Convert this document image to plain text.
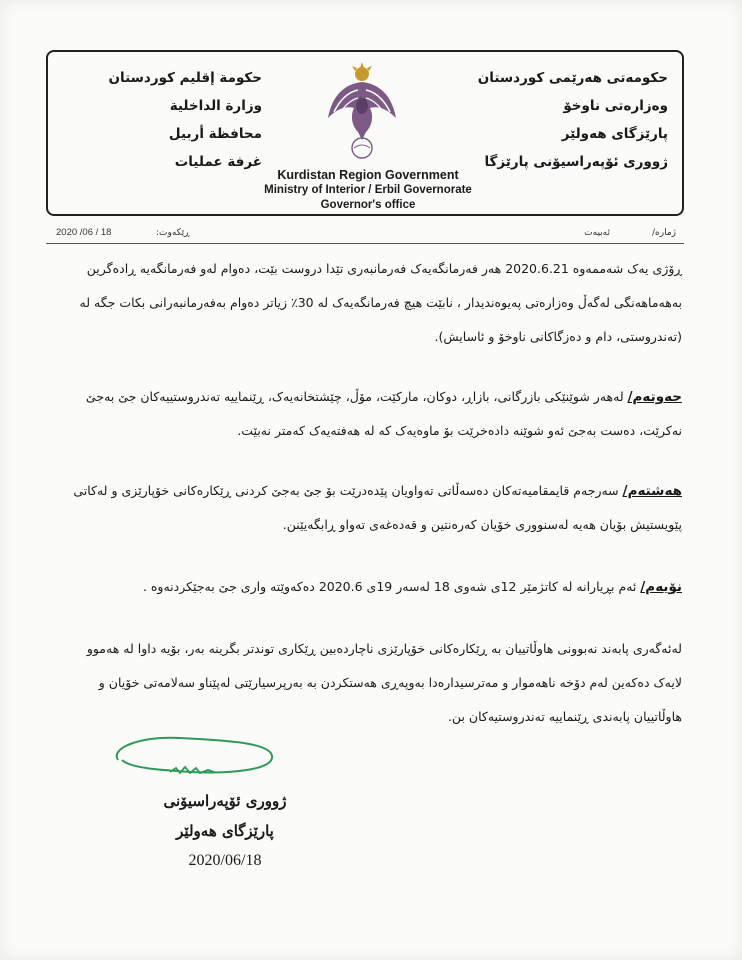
حکومەتی هەرێمی کوردستان
وەزارەتی ناوخۆ
پارێزگای هەولێر
ژووری ئۆپەراسیۆنی پارێزگا
Kurdistan Region Government
Ministry of Interior / Erbil Governorate
Governor's office
حكومة إقليم كوردستان
وزارة الداخلية
محافظة أربيل
غرفة عمليات
ژمارە/
ئەبیەت
ڕێکەوت:
2020 /06 / 18

ڕۆژی یەک شەممەوە 2020.6.21 هەر فەرمانگەیەک فەرمانبەری تێدا دروست بێت، دەوام لەو فەرمانگەیە ڕادەگرین بەهەماهەنگی لەگەڵ وەزارەتی پەیوەندیدار ، نابێت هیچ فەرمانگەیەک لە 30٪ زیاتر دەوام بەفەرمانبەرانی بکات جگە لە (تەندروستی، دام و دەزگاکانی ناوخۆ و ئاسایش).

حەوتەم/ لەهەر شوێنێکی بازرگانی، بازاڕ، دوکان، مارکێت، مۆڵ، چێشتخانەیەک، ڕێنماییە تەندروستییەکان جێ بەجێ نەکرێت، دەست بەجێ ئەو شوێنە دادەخرێت بۆ ماوەیەک کە لە هەفتەیەک کەمتر نەبێت.

هەشتەم/ سەرجەم قایمقامیەتەکان دەسەڵاتی تەواویان پێدەدرێت بۆ جێ بەجێ کردنی ڕێکارەکانی خۆپارێزی و لەکاتی پێویستیش بۆیان هەیە لەسنووری خۆیان کەرەنتین و قەدەغەی تەواو ڕابگەیێنن.

نۆیەم/ ئەم بڕیارانە لە کاتژمێر 12ی شەوی 18 لەسەر 19ی 2020.6 دەکەوێتە واری جێ بەجێکردنەوە .

لەئەگەری پابەند نەبوونی هاوڵاتییان بە ڕێکارەکانی خۆپارێزی ناچاردەبین ڕێکاری توندتر بگرینە بەر، بۆیە داوا لە هەموو لایەک دەکەین لەم دۆخە ناهەموار و مەترسیدارەدا بەوپەڕی هەستکردن بە بەرپرسیارێتی لەپێناو سەلامەتی خۆیان و هاوڵاتییان پابەندی ڕێنماییە تەندروستیەکان بن.

ژووری ئۆپەراسیۆنی
پارێزگای هەولێر
2020/06/18
